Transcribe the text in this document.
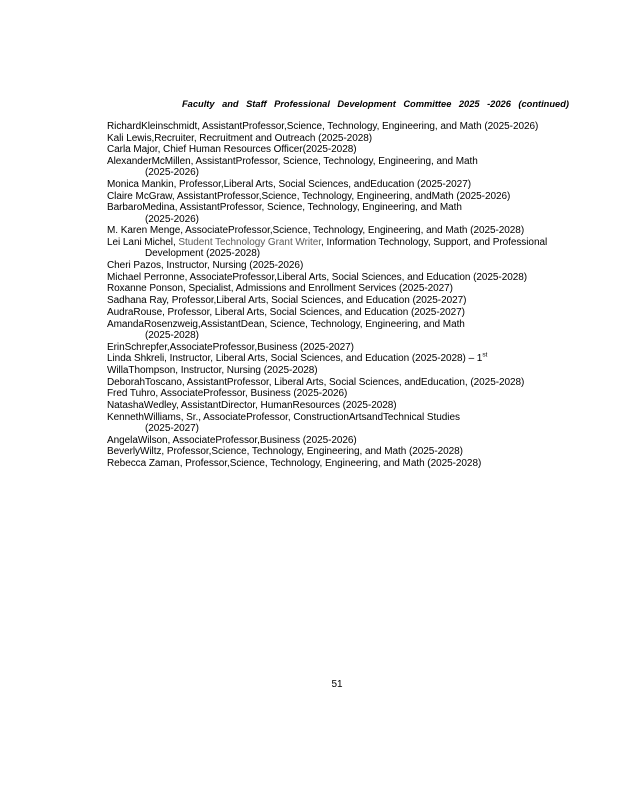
Faculty and Staff Professional Development Committee 2025 -2026 (continued)

RichardKleinschmidt, AssistantProfessor,Science, Technology, Engineering, and Math (2025-2026)

Kali Lewis,Recruiter, Recruitment and Outreach (2025-2028)

Carla Major, Chief Human Resources Officer(2025-2028)

AlexanderMcMillen, AssistantProfessor, Science, Technology, Engineering, and Math
(2025-2026)

Monica Mankin, Professor,Liberal Arts, Social Sciences, andEducation (2025-2027)

Claire McGraw, AssistantProfessor,Science, Technology, Engineering, andMath (2025-2026)

BarbaroMedina, AssistantProfessor, Science, Technology, Engineering, and Math
(2025-2026)

M. Karen Menge, AssociateProfessor,Science, Technology, Engineering, and Math (2025-2028)

Lei Lani Michel, Student Technology Grant Writer, Information Technology, Support, and Professional
Development (2025-2028)

Cheri Pazos, Instructor, Nursing (2025-2026)

Michael Perronne, AssociateProfessor,Liberal Arts, Social Sciences, and Education (2025-2028)

Roxanne Ponson, Specialist, Admissions and Enrollment Services (2025-2027)

Sadhana Ray, Professor,Liberal Arts, Social Sciences, and Education (2025-2027)

AudraRouse, Professor, Liberal Arts, Social Sciences, and Education (2025-2027)

AmandaRosenzweig,AssistantDean, Science, Technology, Engineering, and Math
(2025-2028)

ErinSchrepfer,AssociateProfessor,Business (2025-2027)

Linda Shkreli, Instructor, Liberal Arts, Social Sciences, and Education (2025-2028) – 1st

WillaThompson, Instructor, Nursing (2025-2028)

DeborahToscano, AssistantProfessor, Liberal Arts, Social Sciences, andEducation, (2025-2028)

Fred Tuhro, AssociateProfessor, Business (2025-2026)

NatashaWedley, AssistantDirector, HumanResources (2025-2028)

KennethWilliams, Sr., AssociateProfessor, ConstructionArtsandTechnical Studies
(2025-2027)

AngelaWilson, AssociateProfessor,Business (2025-2026)

BeverlyWiltz, Professor,Science, Technology, Engineering, and Math (2025-2028)

Rebecca Zaman, Professor,Science, Technology, Engineering, and Math (2025-2028)

51
